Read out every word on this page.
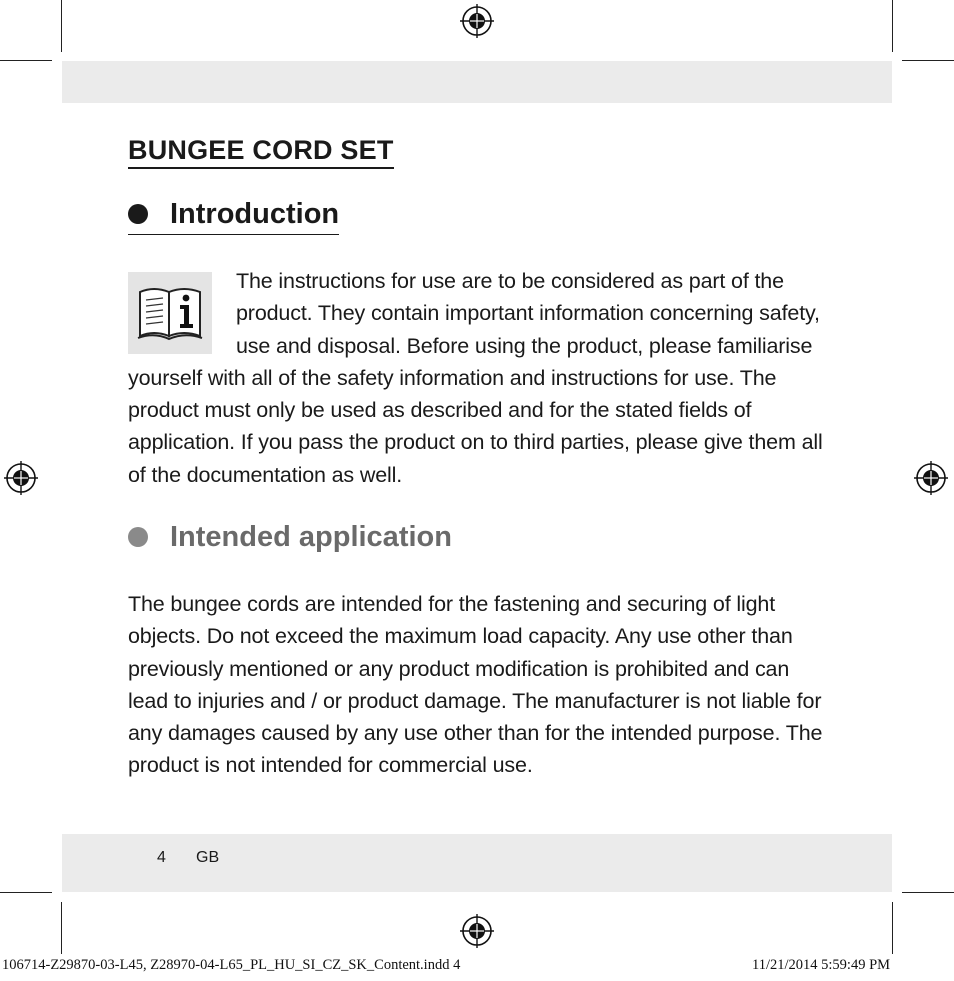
BUNGEE CORD SET
Introduction
The instructions for use are to be considered as part of the product. They contain important information concerning safety, use and disposal. Before using the product, please familiarise yourself with all of the safety information and instructions for use. The product must only be used as described and for the stated fields of application. If you pass the product on to third parties, please give them all of the documentation as well.
Intended application

The bungee cords are intended for the fastening and securing of light objects. Do not exceed the maximum load capacity. Any use other than previously mentioned or any product modification is prohibited and can lead to injuries and / or product damage. The manufacturer is not liable for any damages caused by any use other than for the intended purpose. The product is not intended for commercial use.

4 GB
106714-Z29870-03-L45, Z28970-04-L65_PL_HU_SI_CZ_SK_Content.indd 4	11/21/2014 5:59:49 PM
